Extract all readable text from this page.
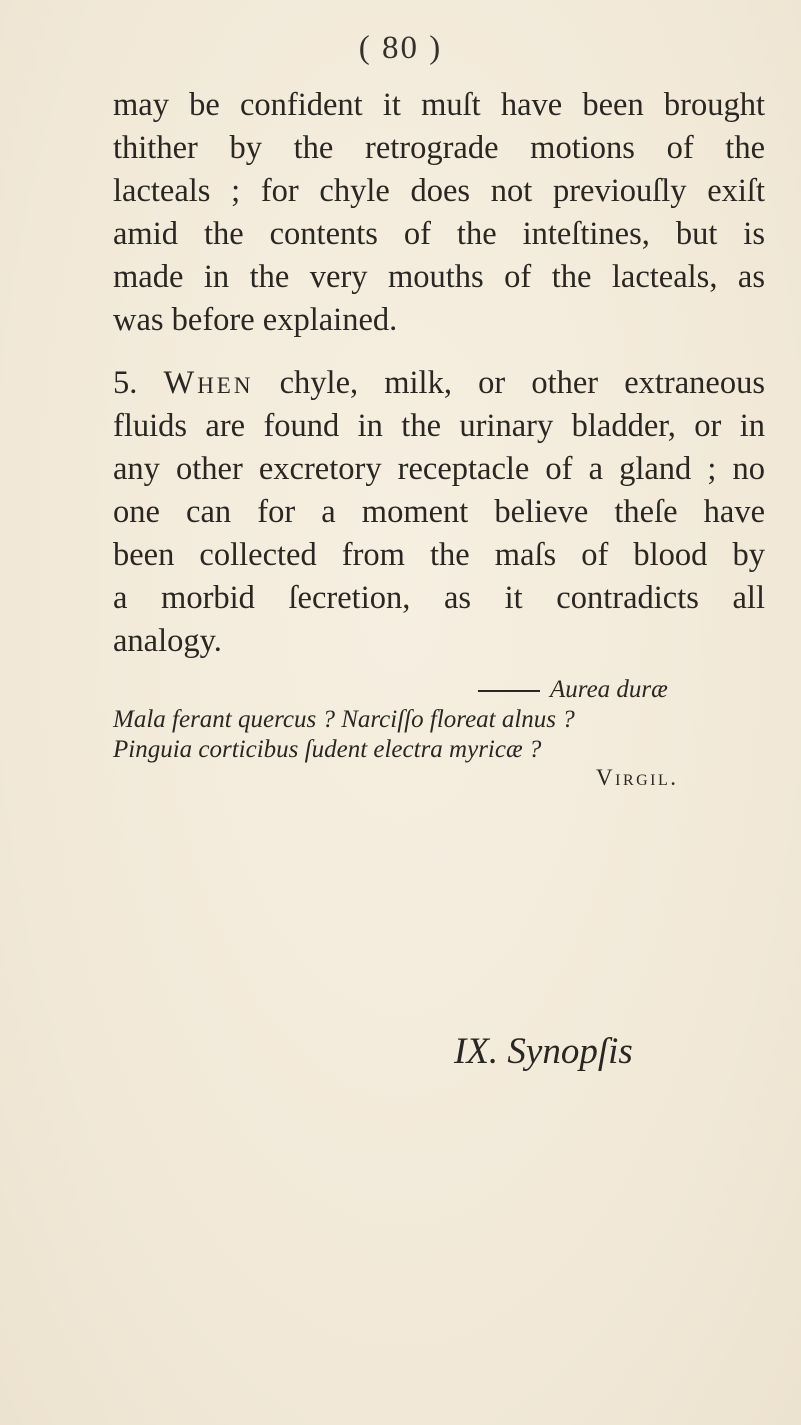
( 80 )
may be confident it muſt have been brought
thither by the retrograde motions of the
lacteals ; for chyle does not previouſly exiſt
amid the contents of the inteſtines, but is
made in the very mouths of the lacteals, as
was before explained.
5. When chyle, milk, or other extraneous
fluids are found in the urinary bladder, or in
any other excretory receptacle of a gland ; no
one can for a moment believe theſe have
been collected from the maſs of blood by
a morbid ſecretion, as it contradicts all
analogy.
Aurea duræ
Mala ferant quercus ? Narciſſo floreat alnus ?
Pinguia corticibus ſudent electra myricæ ?
Virgil.
IX. Synopſis
